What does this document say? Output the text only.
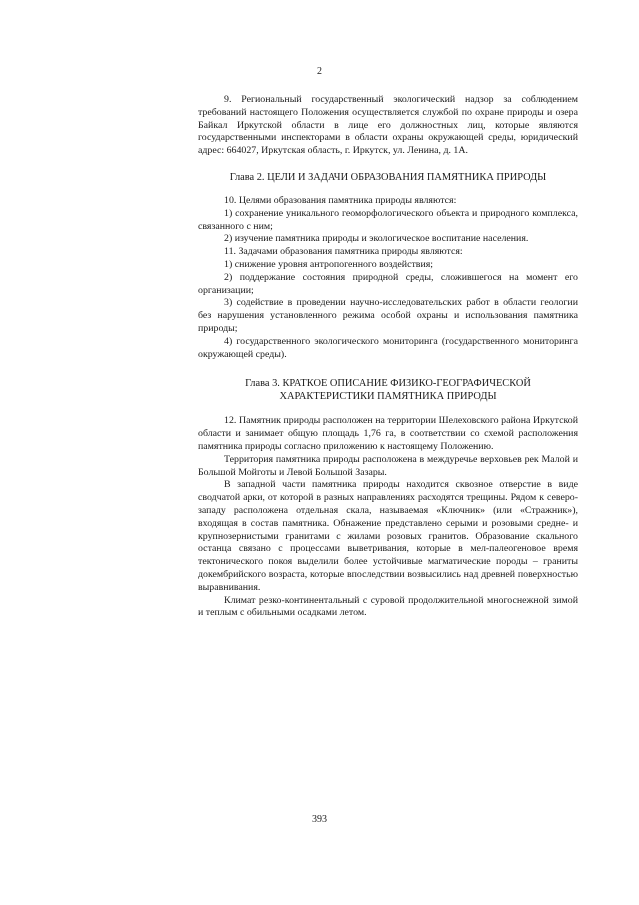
2

9. Региональный государственный экологический надзор за соблюдением требований настоящего Положения осуществляется службой по охране природы и озера Байкал Иркутской области в лице его должностных лиц, которые являются государственными инспекторами в области охраны окружающей среды, юридический адрес: 664027, Иркутская область, г. Иркутск, ул. Ленина, д. 1А.

Глава 2. ЦЕЛИ И ЗАДАЧИ ОБРАЗОВАНИЯ ПАМЯТНИКА ПРИРОДЫ

10. Целями образования памятника природы являются:

1) сохранение уникального геоморфологического объекта и природного комплекса, связанного с ним;

2) изучение памятника природы и экологическое воспитание населения.

11. Задачами образования памятника природы являются:

1) снижение уровня антропогенного воздействия;

2) поддержание состояния природной среды, сложившегося на момент его организации;

3) содействие в проведении научно-исследовательских работ в области геологии без нарушения установленного режима особой охраны и использования памятника природы;

4) государственного экологического мониторинга (государственного мониторинга окружающей среды).

Глава 3. КРАТКОЕ ОПИСАНИЕ ФИЗИКО-ГЕОГРАФИЧЕСКОЙ
ХАРАКТЕРИСТИКИ ПАМЯТНИКА ПРИРОДЫ

12. Памятник природы расположен на территории Шелеховского района Иркутской области и занимает общую площадь 1,76 га, в соответствии со схемой расположения памятника природы согласно приложению к настоящему Положению.

Территория памятника природы расположена в междуречье верховьев рек Малой и Большой Мойготы и Левой Большой Зазары.

В западной части памятника природы находится сквозное отверстие в виде сводчатой арки, от которой в разных направлениях расходятся трещины. Рядом к северо-западу расположена отдельная скала, называемая «Ключник» (или «Стражник»), входящая в состав памятника. Обнажение представлено серыми и розовыми средне- и крупнозернистыми гранитами с жилами розовых гранитов. Образование скального останца связано с процессами выветривания, которые в мел-палеогеновое время тектонического покоя выделили более устойчивые магматические породы – граниты докембрийского возраста, которые впоследствии возвысились над древней поверхностью выравнивания.

Климат резко-континентальный с суровой продолжительной многоснежной зимой и теплым с обильными осадками летом.

393
